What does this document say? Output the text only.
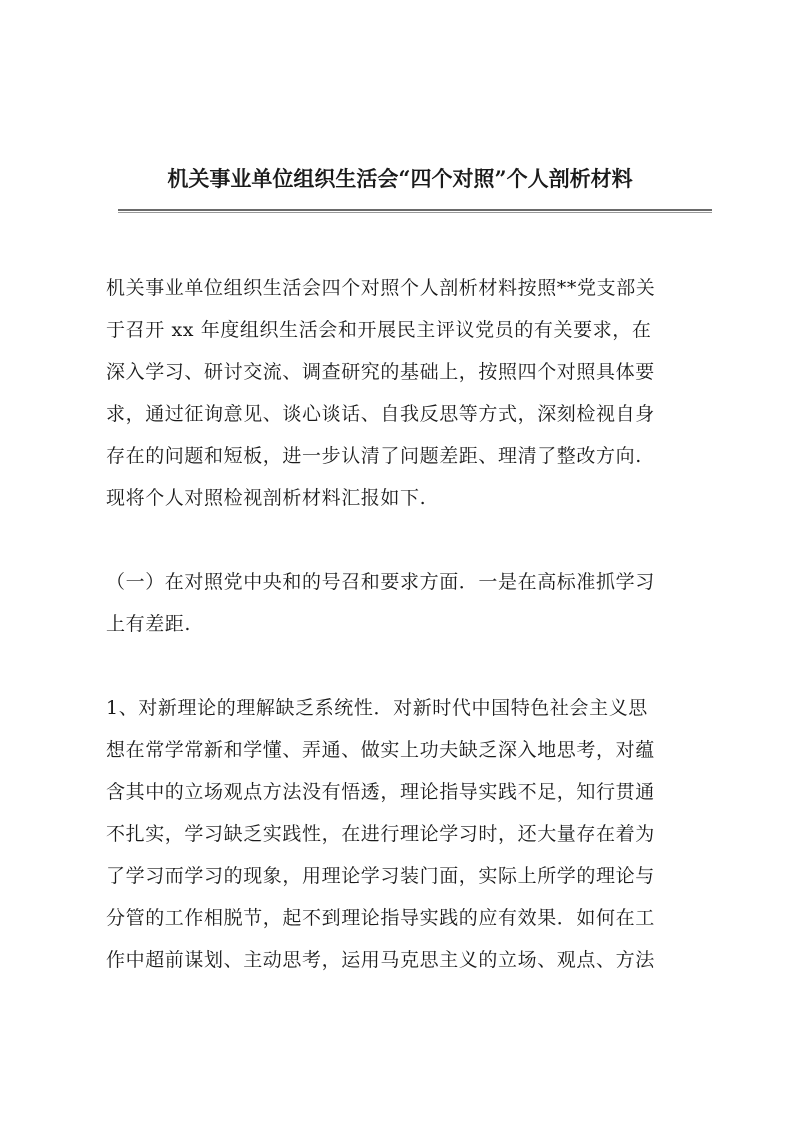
机关事业单位组织生活会“四个对照”个人剖析材料
机关事业单位组织生活会四个对照个人剖析材料按照**党支部关
于召开 xx 年度组织生活会和开展民主评议党员的有关要求，在
深入学习、研讨交流、调查研究的基础上，按照四个对照具体要
求，通过征询意见、谈心谈话、自我反思等方式，深刻检视自身
存在的问题和短板，进一步认清了问题差距、理清了整改方向.
现将个人对照检视剖析材料汇报如下.
（一）在对照党中央和的号召和要求方面．一是在高标准抓学习
上有差距.
1、对新理论的理解缺乏系统性．对新时代中国特色社会主义思
想在常学常新和学懂、弄通、做实上功夫缺乏深入地思考，对蕴
含其中的立场观点方法没有悟透，理论指导实践不足，知行贯通
不扎实，学习缺乏实践性，在进行理论学习时，还大量存在着为
了学习而学习的现象，用理论学习装门面，实际上所学的理论与
分管的工作相脱节，起不到理论指导实践的应有效果．如何在工
作中超前谋划、主动思考，运用马克思主义的立场、观点、方法
